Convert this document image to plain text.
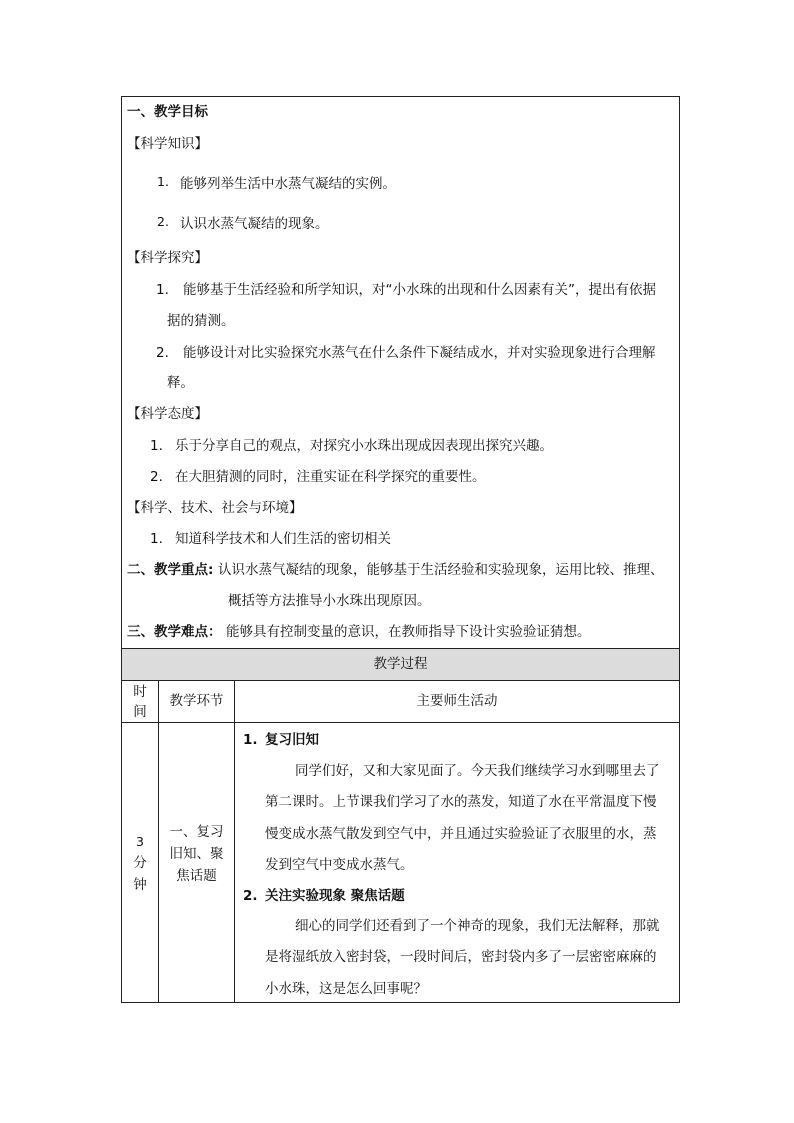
一、教学目标
【科学知识】
1. 能够列举生活中水蒸气凝结的实例。
2. 认识水蒸气凝结的现象。
【科学探究】
1. 能够基于生活经验和所学知识，对“小水珠的出现和什么因素有关”，提出有依据
据的猜测。
2. 能够设计对比实验探究水蒸气在什么条件下凝结成水，并对实验现象进行合理解
释。
【科学态度】
1. 乐于分享自己的观点，对探究小水珠出现成因表现出探究兴趣。
2. 在大胆猜测的同时，注重实证在科学探究的重要性。
【科学、技术、社会与环境】
1. 知道科学技术和人们生活的密切相关
二、教学重点: 认识水蒸气凝结的现象，能够基于生活经验和实验现象，运用比较、推理、
概括等方法推导小水珠出现原因。
三、教学难点： 能够具有控制变量的意识，在教师指导下设计实验验证猜想。
教学过程
时
间
教学环节	主要师生活动
3
分
钟
一、复习
旧知、聚
焦话题
1. 复习旧知
同学们好，又和大家见面了。今天我们继续学习水到哪里去了
第二课时。上节课我们学习了水的蒸发，知道了水在平常温度下慢
慢变成水蒸气散发到空气中，并且通过实验验证了衣服里的水，蒸
发到空气中变成水蒸气。
2. 关注实验现象 聚焦话题
细心的同学们还看到了一个神奇的现象，我们无法解释，那就
是将湿纸放入密封袋，一段时间后，密封袋内多了一层密密麻麻的
小水珠，这是怎么回事呢？
